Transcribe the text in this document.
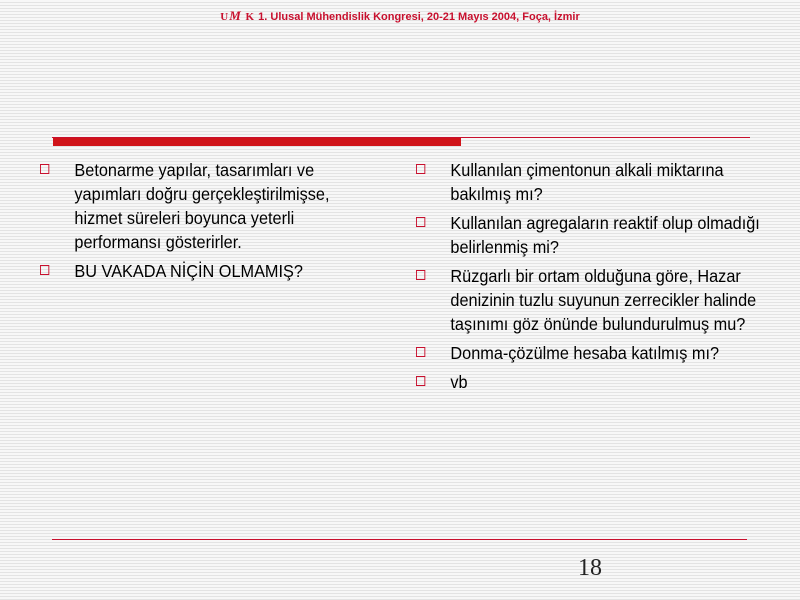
UM K 1. Ulusal Mühendislik Kongresi, 20-21 Mayıs 2004, Foça, İzmir
Betonarme yapılar, tasarımları ve yapımları doğru gerçekleştirilmişse, hizmet süreleri boyunca yeterli performansı gösterirler.
BU VAKADA NİÇİN OLMAMIŞ?
Kullanılan çimentonun alkali miktarına bakılmış mı?
Kullanılan agregaların reaktif olup olmadığı belirlenmiş mi?
Rüzgarlı bir ortam olduğuna göre, Hazar denizinin tuzlu suyunun zerrecikler halinde taşınımı göz önünde bulundurulmuş mu?
Donma-çözülme hesaba katılmış mı?
vb
18
